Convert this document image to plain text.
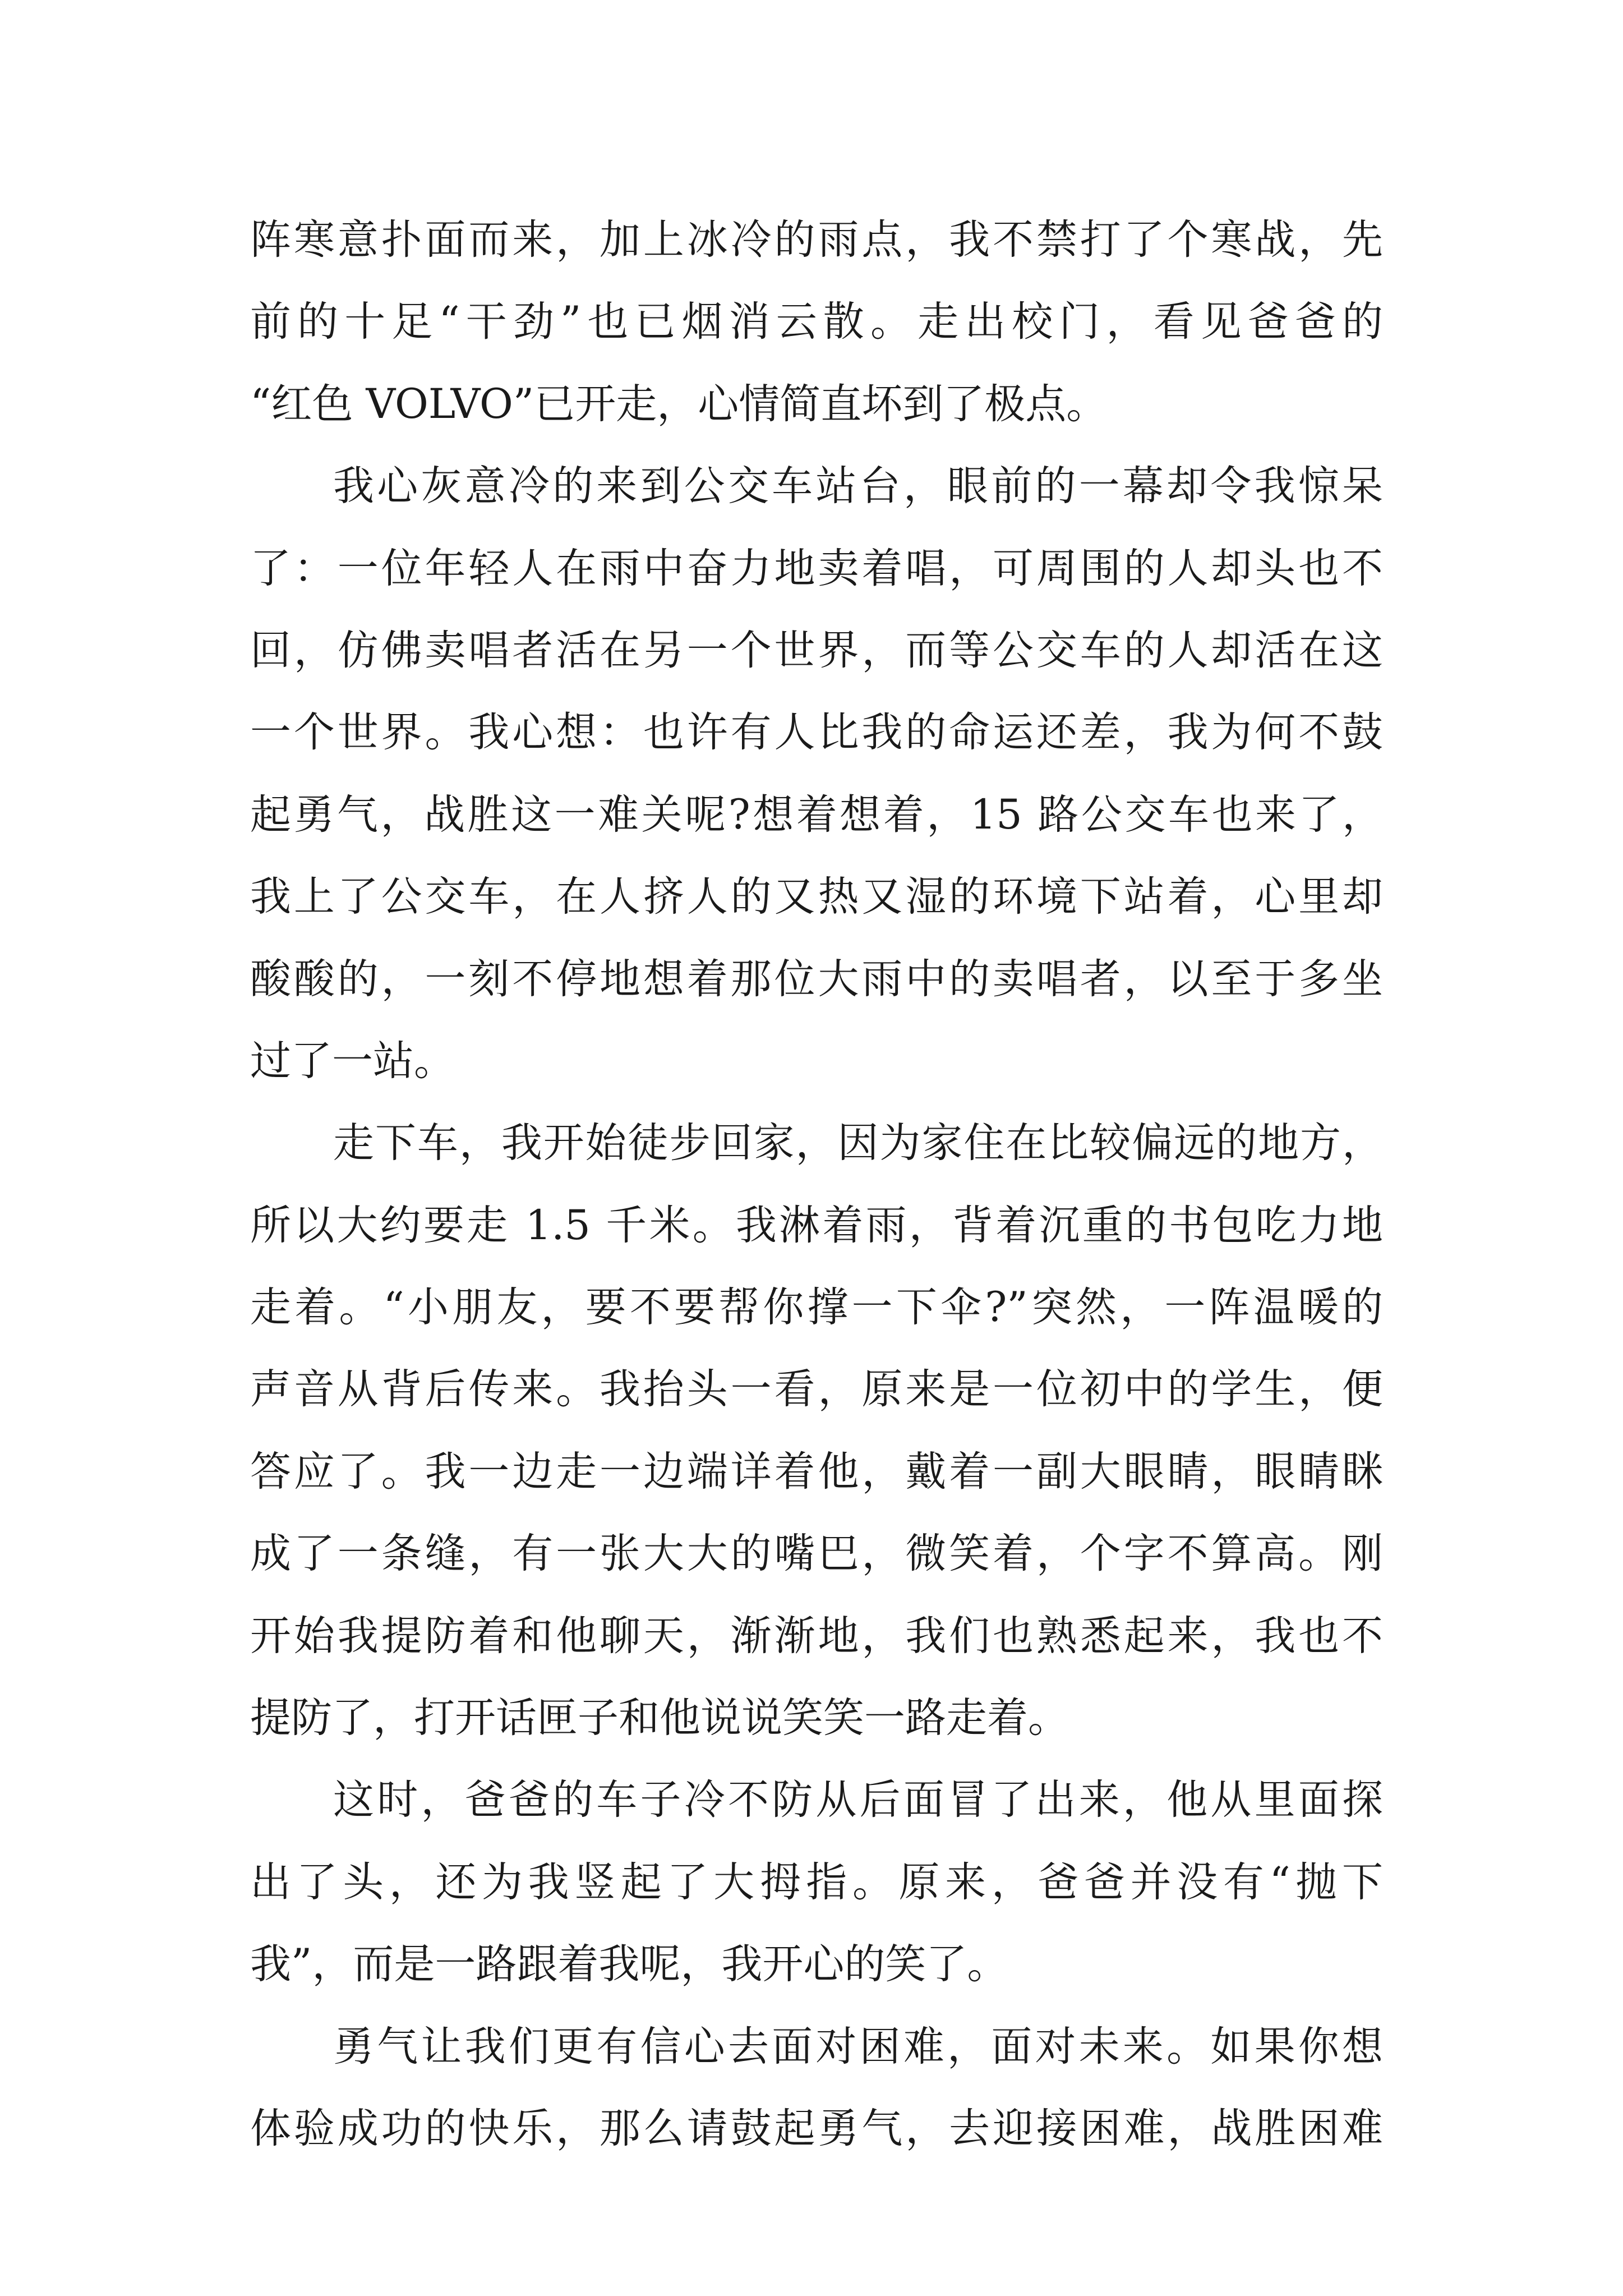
阵寒意扑面而来，加上冰冷的雨点，我不禁打了个寒战，先
前的十足“干劲”也已烟消云散。走出校门，看见爸爸的
“红色 VOLVO”已开走，心情简直坏到了极点。
我心灰意冷的来到公交车站台，眼前的一幕却令我惊呆
了：一位年轻人在雨中奋力地卖着唱，可周围的人却头也不
回，仿佛卖唱者活在另一个世界，而等公交车的人却活在这
一个世界。我心想：也许有人比我的命运还差，我为何不鼓
起勇气，战胜这一难关呢?想着想着，15 路公交车也来了，
我上了公交车，在人挤人的又热又湿的环境下站着，心里却
酸酸的，一刻不停地想着那位大雨中的卖唱者，以至于多坐
过了一站。
走下车，我开始徒步回家，因为家住在比较偏远的地方，
所以大约要走 1.5 千米。我淋着雨，背着沉重的书包吃力地
走着。“小朋友，要不要帮你撑一下伞?”突然，一阵温暖的
声音从背后传来。我抬头一看，原来是一位初中的学生，便
答应了。我一边走一边端详着他，戴着一副大眼睛，眼睛眯
成了一条缝，有一张大大的嘴巴，微笑着，个字不算高。刚
开始我提防着和他聊天，渐渐地，我们也熟悉起来，我也不
提防了，打开话匣子和他说说笑笑一路走着。
这时，爸爸的车子冷不防从后面冒了出来，他从里面探
出了头，还为我竖起了大拇指。原来，爸爸并没有“抛下
我”，而是一路跟着我呢，我开心的笑了。
勇气让我们更有信心去面对困难，面对未来。如果你想
体验成功的快乐，那么请鼓起勇气，去迎接困难，战胜困难
